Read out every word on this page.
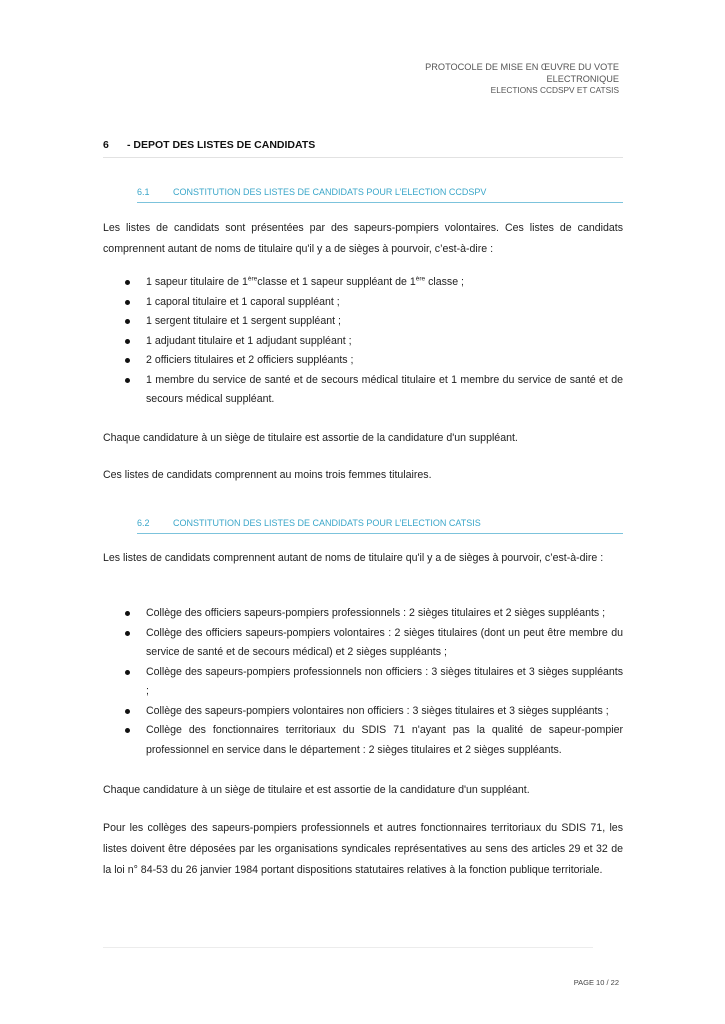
PROTOCOLE DE MISE EN ŒUVRE DU VOTE
ELECTRONIQUE
ELECTIONS CCDSPV ET CATSIS
6 - DEPOT DES LISTES DE CANDIDATS
6.1	CONSTITUTION DES LISTES DE CANDIDATS POUR L’ELECTION CCDSPV
Les listes de candidats sont présentées par des sapeurs-pompiers volontaires. Ces listes de candidats comprennent autant de noms de titulaire qu'il y a de sièges à pourvoir, c’est-à-dire :
1 sapeur titulaire de 1èreclasse et 1 sapeur suppléant de 1ère classe ;
1 caporal titulaire et 1 caporal suppléant ;
1 sergent titulaire et 1 sergent suppléant ;
1 adjudant titulaire et 1 adjudant suppléant ;
2 officiers titulaires et 2 officiers suppléants ;
1 membre du service de santé et de secours médical titulaire et 1 membre du service de santé et de secours médical suppléant.
Chaque candidature à un siège de titulaire est assortie de la candidature d'un suppléant.
Ces listes de candidats comprennent au moins trois femmes titulaires.
6.2	CONSTITUTION DES LISTES DE CANDIDATS POUR L’ELECTION CATSIS
Les listes de candidats comprennent autant de noms de titulaire qu'il y a de sièges à pourvoir, c’est-à-dire :
Collège des officiers sapeurs-pompiers professionnels : 2 sièges titulaires et 2 sièges suppléants ;
Collège des officiers sapeurs-pompiers volontaires : 2 sièges titulaires (dont un peut être membre du service de santé et de secours médical) et 2 sièges suppléants ;
Collège des sapeurs-pompiers professionnels non officiers : 3 sièges titulaires et 3 sièges suppléants ;
Collège des sapeurs-pompiers volontaires non officiers : 3 sièges titulaires et 3 sièges suppléants ;
Collège des fonctionnaires territoriaux du SDIS 71 n'ayant pas la qualité de sapeur-pompier professionnel en service dans le département : 2 sièges titulaires et 2 sièges suppléants.
Chaque candidature à un siège de titulaire et est assortie de la candidature d'un suppléant.
Pour les collèges des sapeurs-pompiers professionnels et autres fonctionnaires territoriaux du SDIS 71, les listes doivent être déposées par les organisations syndicales représentatives au sens des articles 29 et 32 de la loi n° 84-53 du 26 janvier 1984 portant dispositions statutaires relatives à la fonction publique territoriale.
PAGE 10 / 22
